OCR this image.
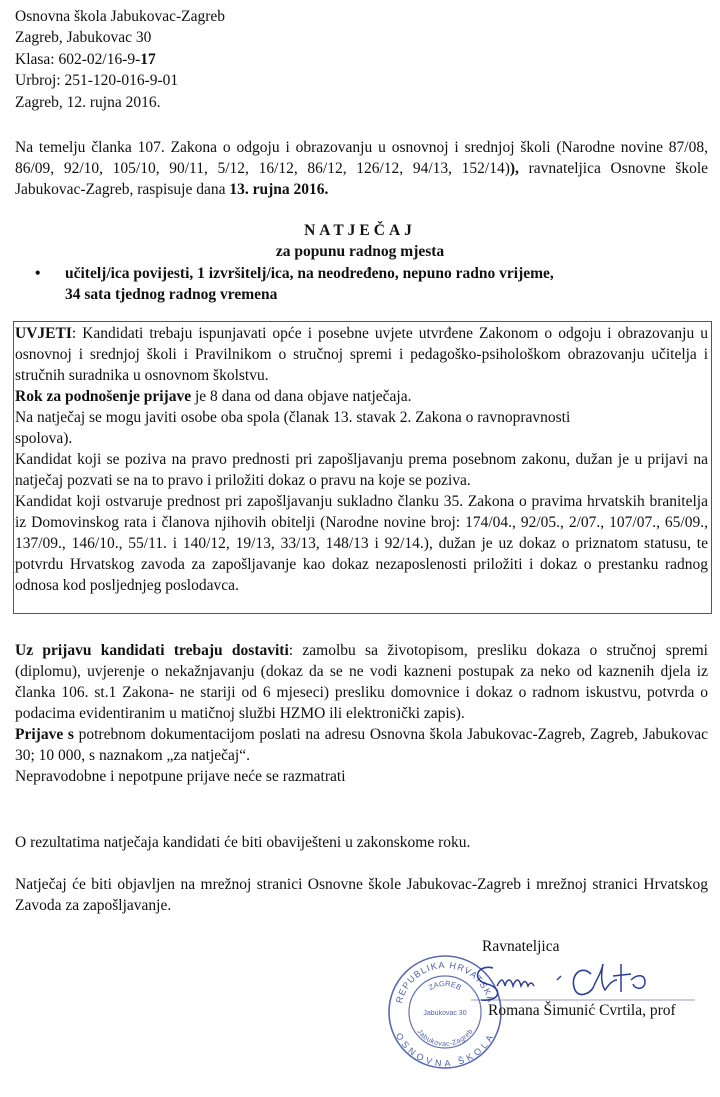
Osnovna škola Jabukovac-Zagreb
Zagreb, Jabukovac 30
Klasa: 602-02/16-9-17
Urbroj: 251-120-016-9-01
Zagreb, 12. rujna 2016.
Na temelju članka 107. Zakona o odgoju i obrazovanju u osnovnoj i srednjoj školi (Narodne novine 87/08, 86/09, 92/10, 105/10, 90/11, 5/12, 16/12, 86/12, 126/12, 94/13, 152/14)), ravnateljica Osnovne škole Jabukovac-Zagreb, raspisuje dana 13. rujna 2016.
NATJEČAJ
za popunu radnog mjesta
• učitelj/ica povijesti, 1 izvršitelj/ica, na neodređeno, nepuno radno vrijeme,
34 sata tjednog radnog vremena
UVJETI: Kandidati trebaju ispunjavati opće i posebne uvjete utvrđene Zakonom o odgoju i obrazovanju u osnovnoj i srednjoj školi i Pravilnikom o stručnoj spremi i pedagoško-psihološkom obrazovanju učitelja i stručnih suradnika u osnovnom školstvu.
Rok za podnošenje prijave je 8 dana od dana objave natječaja.
Na natječaj se mogu javiti osobe oba spola (članak 13. stavak 2. Zakona o ravnopravnosti spolova).
Kandidat koji se poziva na pravo prednosti pri zapošljavanju prema posebnom zakonu, dužan je u prijavi na natječaj pozvati se na to pravo i priložiti dokaz o pravu na koje se poziva.
Kandidat koji ostvaruje prednost pri zapošljavanju sukladno članku 35. Zakona o pravima hrvatskih branitelja iz Domovinskog rata i članova njihovih obitelji (Narodne novine broj: 174/04., 92/05., 2/07., 107/07., 65/09., 137/09., 146/10., 55/11. i 140/12, 19/13, 33/13, 148/13 i 92/14.), dužan je uz dokaz o priznatom statusu, te potvrdu Hrvatskog zavoda za zapošljavanje kao dokaz nezaposlenosti priložiti i dokaz o prestanku radnog odnosa kod posljednjeg poslodavca.
Uz prijavu kandidati trebaju dostaviti: zamolbu sa životopisom, presliku dokaza o stručnoj spremi (diplomu), uvjerenje o nekažnjavanju (dokaz da se ne vodi kazneni postupak za neko od kaznenih djela iz članka 106. st.1 Zakona- ne stariji od 6 mjeseci) presliku domovnice i dokaz o radnom iskustvu, potvrda o podacima evidentiranim u matičnoj službi HZMO ili elektronički zapis).
Prijave s potrebnom dokumentacijom poslati na adresu Osnovna škola Jabukovac-Zagreb, Zagreb, Jabukovac 30; 10 000, s naznakom „za natječaj“.
Nepravodobne i nepotpune prijave neće se razmatrati
O rezultatima natječaja kandidati će biti obaviješteni u zakonskome roku.
Natječaj će biti objavljen na mrežnoj stranici Osnovne škole Jabukovac-Zagreb i mrežnoj stranici Hrvatskog Zavoda za zapošljavanje.
Ravnateljica
REPUBLIKA HRVATSKA
OSNOVNA ŠKOLA
ZAGREB
Jabukovac 30
Jabukovac-Zagreb
Romana Šimunić Cvrtila, prof
